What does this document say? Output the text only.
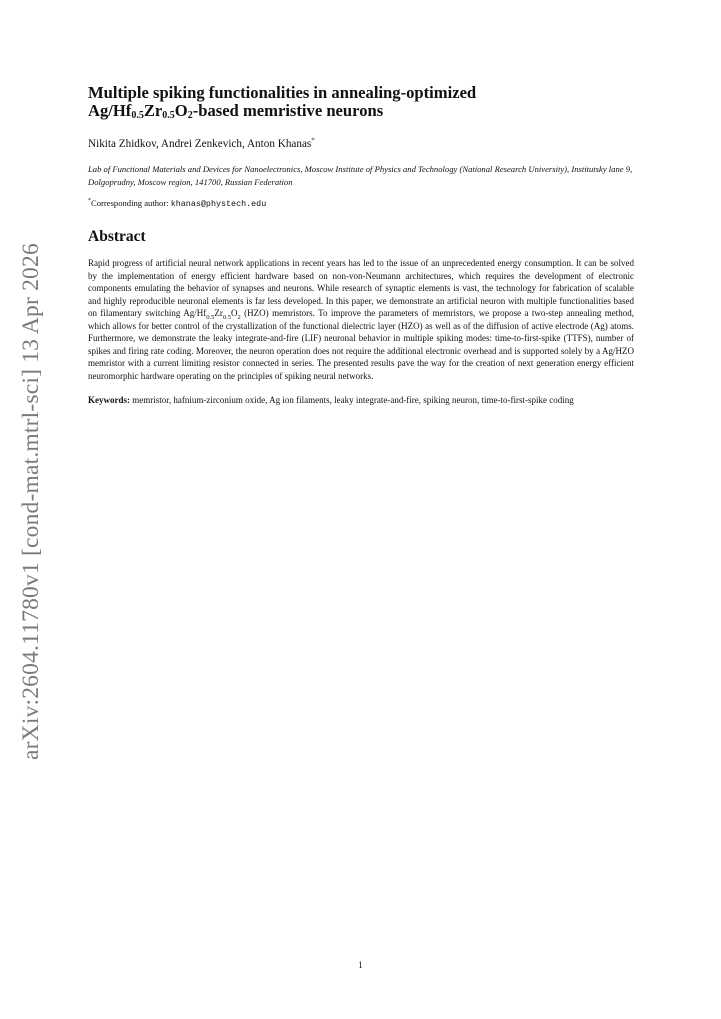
arXiv:2604.11780v1 [cond-mat.mtrl-sci] 13 Apr 2026
Multiple spiking functionalities in annealing-optimized
$Ag/Hf_{0.5}Zr_{0.5}O_2$-based memristive neurons
Nikita Zhidkov, Andrei Zenkevich, Anton Khanas*
Lab of Functional Materials and Devices for Nanoelectronics, Moscow Institute of Physics and Technology (National Research University), Institutsky lane 9, Dolgoprudny, Moscow region, 141700, Russian Federation
*Corresponding author: khanas@phystech.edu
Abstract

Rapid progress of artificial neural network applications in recent years has led to the issue of an unprecedented energy consumption. It can be solved by the implementation of energy efficient hardware based on non-von-Neumann architectures, which requires the development of electronic components emulating the behavior of synapses and neurons. While research of synaptic elements is vast, the technology for fabrication of scalable and highly reproducible neuronal elements is far less developed. In this paper, we demonstrate an artificial neuron with multiple functionalities based on filamentary switching $Ag/Hf_{0.5}Zr_{0.5}O_2$ (HZO) memristors. To improve the parameters of memristors, we propose a two-step annealing method, which allows for better control of the crystallization of the functional dielectric layer (HZO) as well as of the diffusion of active electrode (Ag) atoms. Furthermore, we demonstrate the leaky integrate-and-fire (LIF) neuronal behavior in multiple spiking modes: time-to-first-spike (TTFS), number of spikes and firing rate coding. Moreover, the neuron operation does not require the additional electronic overhead and is supported solely by a Ag/HZO memristor with a current limiting resistor connected in series. The presented results pave the way for the creation of next generation energy efficient neuromorphic hardware operating on the principles of spiking neural networks.

Keywords: memristor, hafnium-zirconium oxide, Ag ion filaments, leaky integrate-and-fire, spiking neuron, time-to-first-spike coding

1
